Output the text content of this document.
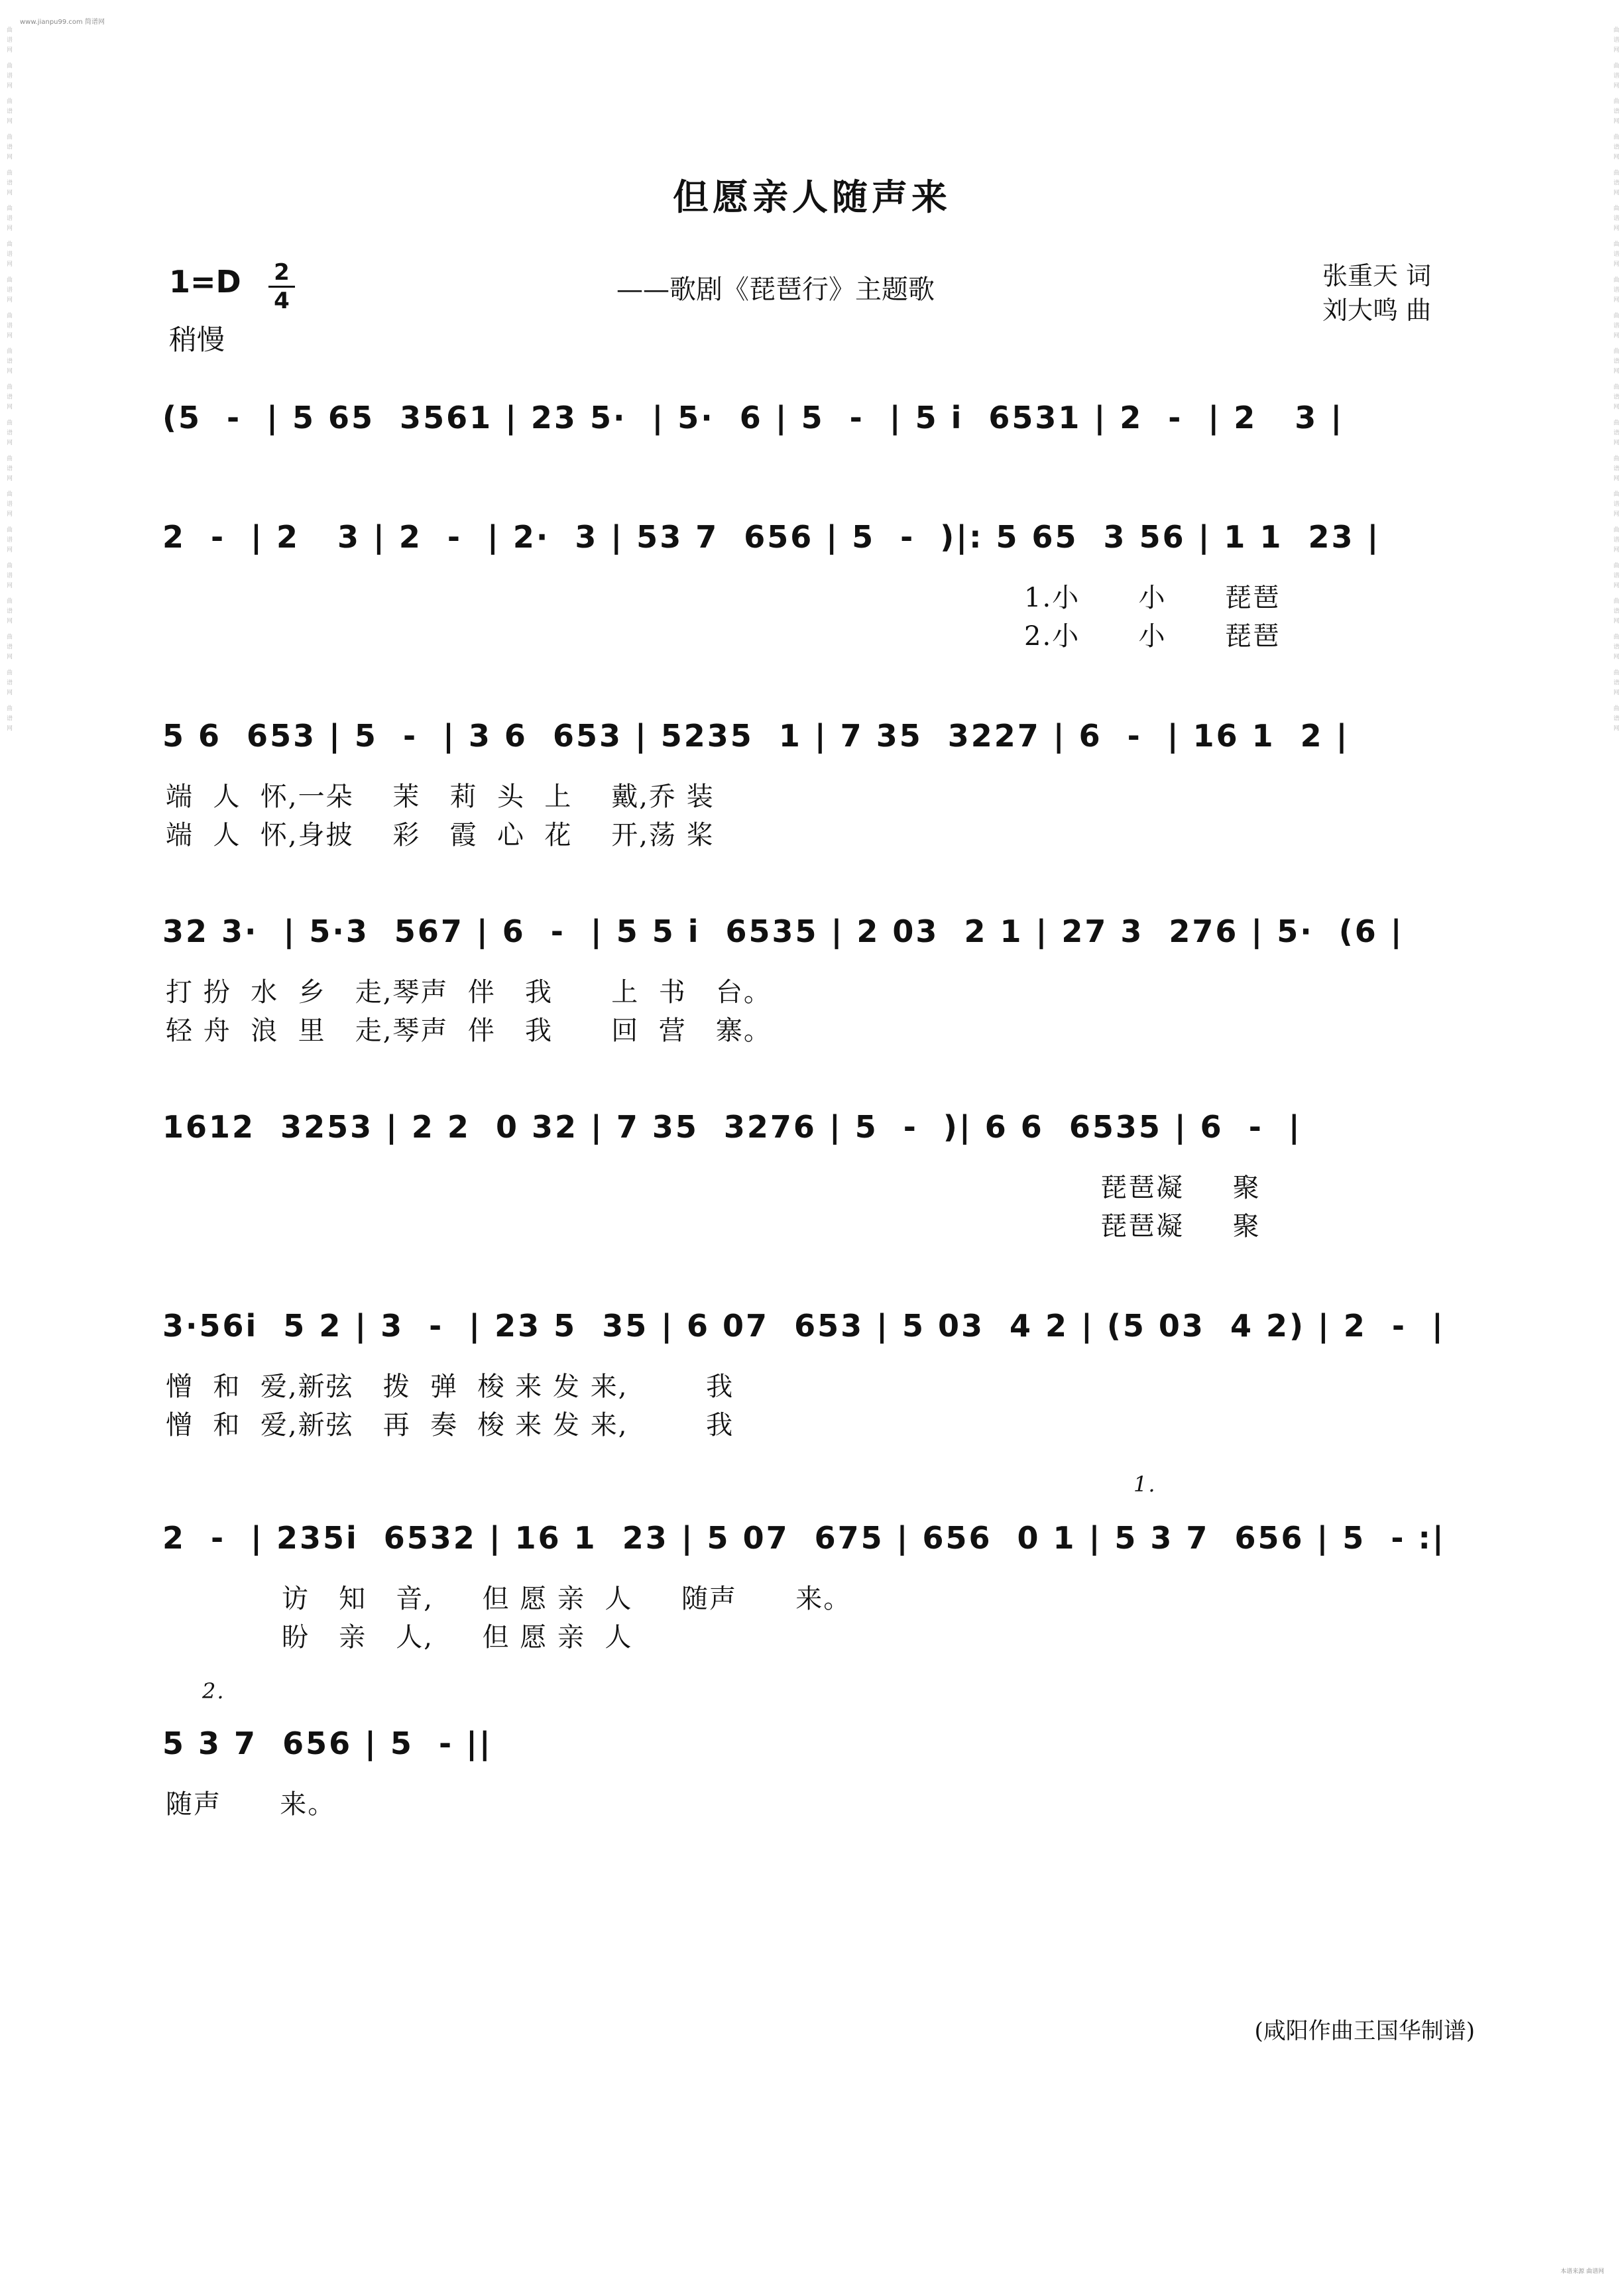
曲谱网 曲谱网 曲谱网 曲谱网 曲谱网 曲谱网 曲谱网 曲谱网 曲谱网 曲谱网 曲谱网 曲谱网 曲谱网 曲谱网 曲谱网 曲谱网 曲谱网 曲谱网 曲谱网 曲谱网	曲谱网 曲谱网 曲谱网 曲谱网 曲谱网 曲谱网 曲谱网 曲谱网 曲谱网 曲谱网 曲谱网 曲谱网 曲谱网 曲谱网 曲谱网 曲谱网 曲谱网 曲谱网 曲谱网 曲谱网
www.jianpu99.com 简谱网
但愿亲人随声来
1=D 2
4
稍慢
——歌剧《琵琶行》主题歌	张重天 词
刘大鸣 曲
(5  -  | 5 65  3561 | 23 5·  | 5·  6 | 5  -  | 5 i  6531 | 2  -  | 2   3 |
2  -  | 2   3 | 2  -  | 2·  3 | 53 7  656 | 5  -  )|: 5 65  3 56 | 1 1  23 |
1.小      小      琵琶
2.小      小      琵琶
5 6  653 | 5  -  | 3 6  653 | 5235  1 | 7 35  3227 | 6  -  | 16 1  2 |
端  人  怀,一朵    茉   莉  头  上    戴,乔 装
端  人  怀,身披    彩   霞  心  花    开,荡 桨
32 3·  | 5·3  567 | 6  -  | 5 5 i  6535 | 2 03  2 1 | 27 3  276 | 5·  (6 |
打 扮  水  乡   走,琴声  伴   我      上  书   台。
轻 舟  浪  里   走,琴声  伴   我      回  营   寨。
1612  3253 | 2 2  0 32 | 7 35  3276 | 5  -  )| 6 6  6535 | 6  -  |
琵琶凝     聚
琵琶凝     聚
3·56i  5 2 | 3  -  | 23 5  35 | 6 07  653 | 5 03  4 2 | (5 03  4 2) | 2  -  |
憎  和  爱,新弦   拨  弹  梭 来 发 来,        我
憎  和  爱,新弦   再  奏  梭 来 发 来,        我
2  -  | 235i  6532 | 16 1  23 | 5 07  675 | 656  0 1 | 5 3 7  656 | 5  - :|
访   知   音,     但 愿 亲  人     随声      来。
盼   亲   人,     但 愿 亲  人
1.
5 3 7  656 | 5  - ||
随声      来。
2.
(咸阳作曲王国华制谱)
本谱来源 曲谱网
